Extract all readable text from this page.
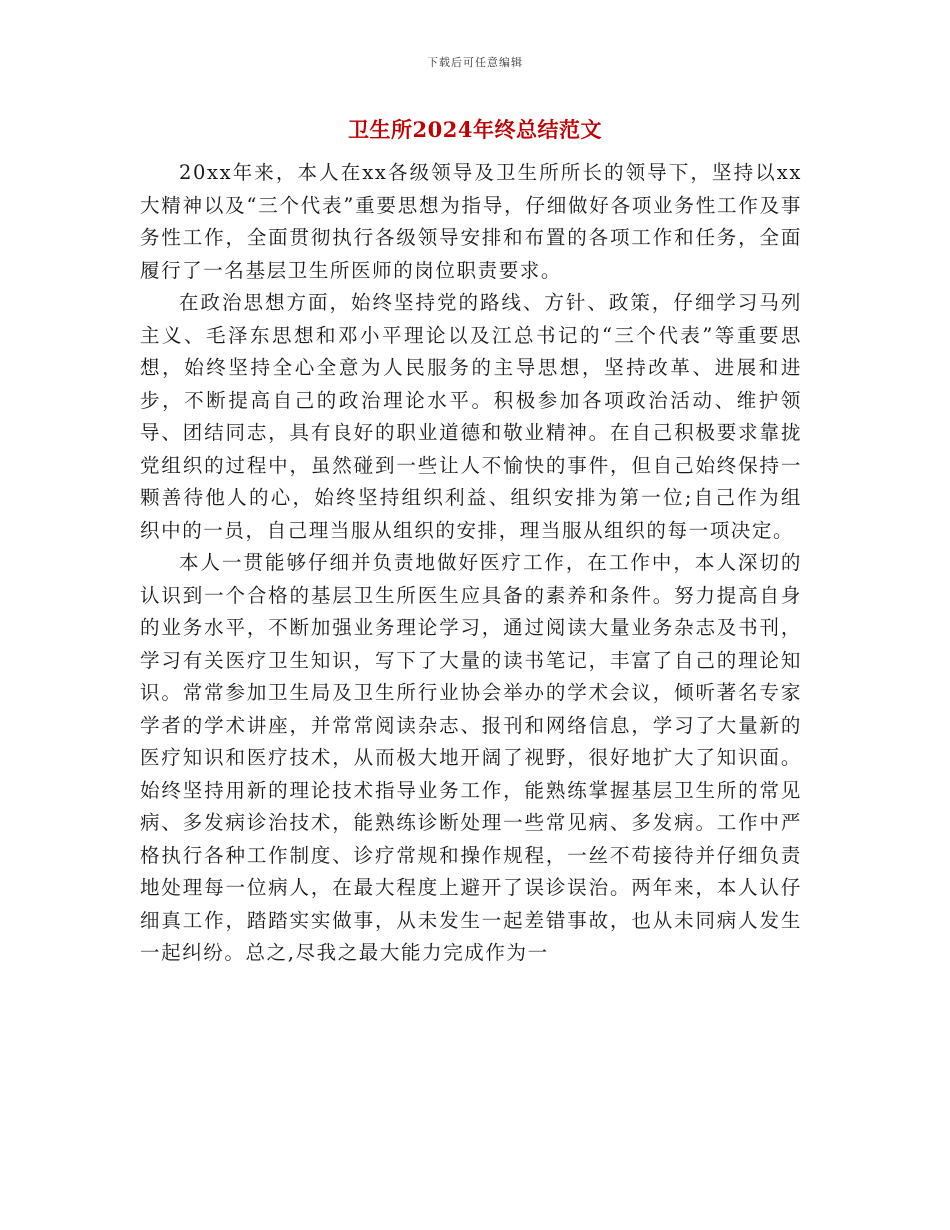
下载后可任意编辑
卫生所2024年终总结范文

20xx年来，本人在xx各级领导及卫生所所长的领导下，坚持以xx大精神以及“三个代表”重要思想为指导，仔细做好各项业务性工作及事务性工作，全面贯彻执行各级领导安排和布置的各项工作和任务，全面履行了一名基层卫生所医师的岗位职责要求。

在政治思想方面，始终坚持党的路线、方针、政策，仔细学习马列主义、毛泽东思想和邓小平理论以及江总书记的“三个代表”等重要思想，始终坚持全心全意为人民服务的主导思想，坚持改革、进展和进步，不断提高自己的政治理论水平。积极参加各项政治活动、维护领导、团结同志，具有良好的职业道德和敬业精神。在自己积极要求靠拢党组织的过程中，虽然碰到一些让人不愉快的事件，但自己始终保持一颗善待他人的心，始终坚持组织利益、组织安排为第一位;自己作为组织中的一员，自己理当服从组织的安排，理当服从组织的每一项决定。

本人一贯能够仔细并负责地做好医疗工作，在工作中，本人深切的认识到一个合格的基层卫生所医生应具备的素养和条件。努力提高自身的业务水平，不断加强业务理论学习，通过阅读大量业务杂志及书刊，学习有关医疗卫生知识，写下了大量的读书笔记，丰富了自己的理论知识。常常参加卫生局及卫生所行业协会举办的学术会议，倾听著名专家学者的学术讲座，并常常阅读杂志、报刊和网络信息，学习了大量新的医疗知识和医疗技术，从而极大地开阔了视野，很好地扩大了知识面。始终坚持用新的理论技术指导业务工作，能熟练掌握基层卫生所的常见病、多发病诊治技术，能熟练诊断处理一些常见病、多发病。工作中严格执行各种工作制度、诊疗常规和操作规程，一丝不苟接待并仔细负责地处理每一位病人，在最大程度上避开了误诊误治。两年来，本人认仔细真工作，踏踏实实做事，从未发生一起差错事故，也从未同病人发生一起纠纷。总之,尽我之最大能力完成作为一
